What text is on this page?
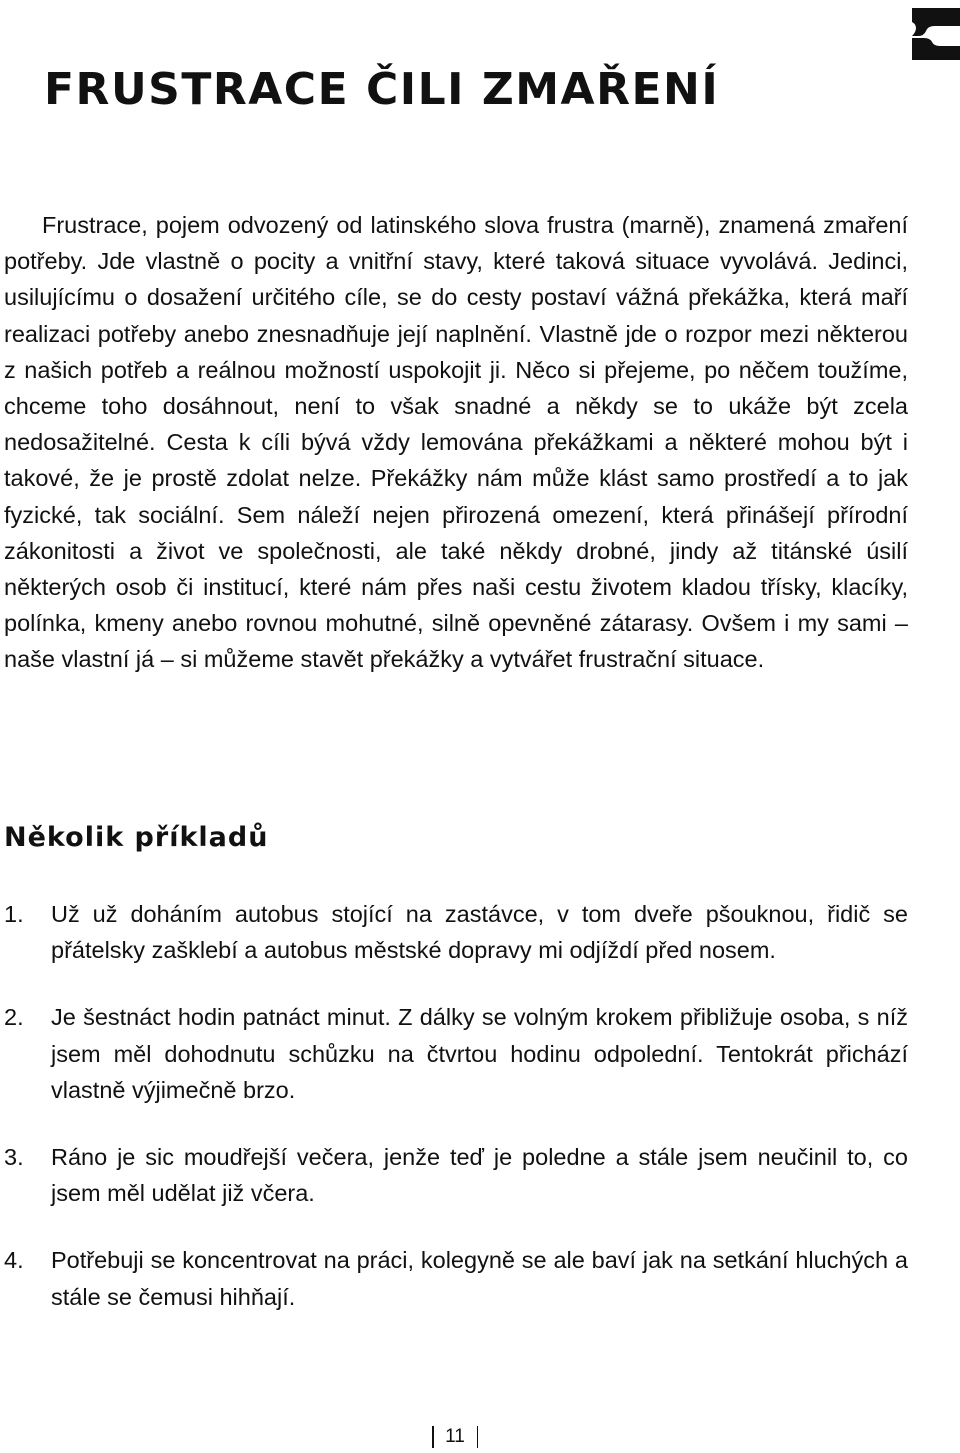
FRUSTRACE ČILI ZMAŘENÍ

Frustrace, pojem odvozený od latinského slova frustra (marně), znamená zmaření potřeby. Jde vlastně o pocity a vnitřní stavy, které taková situace vyvolává. Jedinci, usilujícímu o dosažení určitého cíle, se do cesty postaví vážná překážka, která maří realizaci potřeby anebo znesnadňuje její naplnění. Vlastně jde o rozpor mezi některou z našich potřeb a reálnou možností uspokojit ji. Něco si přejeme, po něčem toužíme, chceme toho dosáhnout, není to však snadné a někdy se to ukáže být zcela nedosažitelné. Cesta k cíli bývá vždy lemována překážkami a některé mohou být i takové, že je prostě zdolat nelze. Překážky nám může klást samo prostředí a to jak fyzické, tak sociální. Sem náleží nejen přirozená omezení, která přinášejí přírodní zákonitosti a život ve společnosti, ale také někdy drobné, jindy až titánské úsilí některých osob či institucí, které nám přes naši cestu životem kladou třísky, klacíky, polínka, kmeny anebo rovnou mohutné, silně opevněné zátarasy. Ovšem i my sami – naše vlastní já – si můžeme stavět překážky a vytvářet frustrační situace.

Několik příkladů
1. Už už doháním autobus stojící na zastávce, v tom dveře pšouknou, řidič se přátelsky zašklebí a autobus městské dopravy mi odjíždí před nosem.
2. Je šestnáct hodin patnáct minut. Z dálky se volným krokem přibližuje osoba, s níž jsem měl dohodnutu schůzku na čtvrtou hodinu odpolední. Tentokrát přichází vlastně výjimečně brzo.
3. Ráno je sic moudřejší večera, jenže teď je poledne a stále jsem neučinil to, co jsem měl udělat již včera.
4. Potřebuji se koncentrovat na práci, kolegyně se ale baví jak na setkání hluchých a stále se čemusi hihňají.
11
